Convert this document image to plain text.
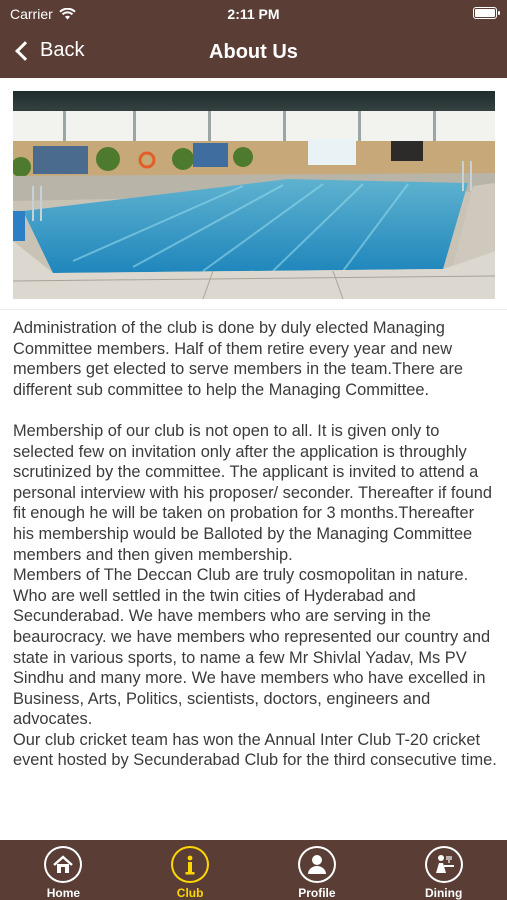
Carrier	2:11 PM
Back	About Us
Administration of the club is done by duly elected Managing Committee members. Half of them retire every year and new members get elected to serve members in the team.There are different sub committee to help the Managing Committee.

Membership of our club is not open to all. It is given only to selected few on invitation only after the application is throughly scrutinized by the committee. The applicant is invited to attend a personal interview with his proposer/ seconder. Thereafter if found fit enough he will be taken on probation for 3 months.Thereafter his membership would be Balloted by the Managing Committee members and then given membership.
Members of The Deccan Club are truly cosmopolitan in nature. Who are well settled in the twin cities of Hyderabad and Secunderabad. We have members who are serving in the beaurocracy. we have members who represented our country and state in various sports, to name a few Mr Shivlal Yadav, Ms PV Sindhu and many more. We have members who have excelled in Business, Arts, Politics, scientists, doctors, engineers and advocates.
Our club cricket team has won the Annual Inter Club T-20 cricket event hosted by Secunderabad Club for the third consecutive time.
Home	Club	Profile	Dining
